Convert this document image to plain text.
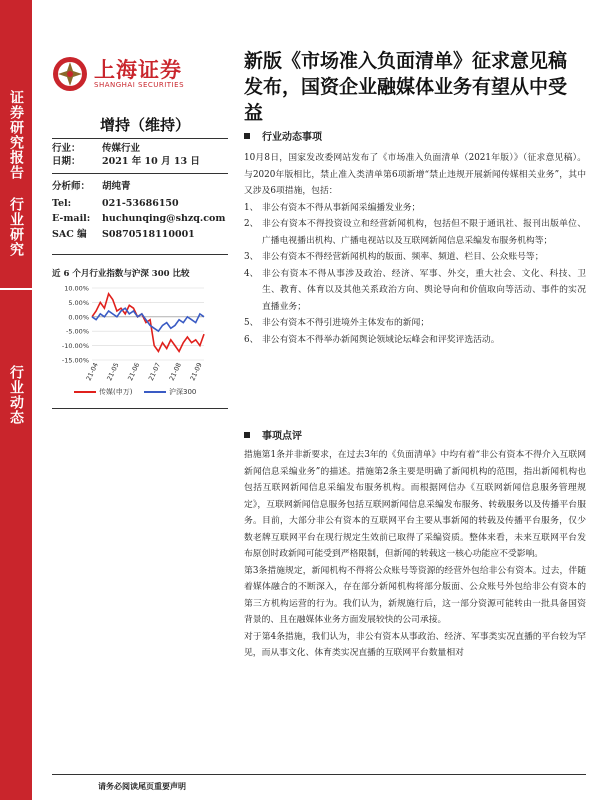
证券研究报告 行业研究
行业动态
上海证券
SHANGHAI SECURITIES
新版《市场准入负面清单》征求意见稿发布，国资企业融媒体业务有望从中受益
增持（维持）
行业：	传媒行业
日期：	2021 年 10 月 13 日
分析师：	胡纯青
Tel:	021-53686150
E-mail:	huchunqing@shzq.com
SAC 编	S0870518110001
近 6 个月行业指数与沪深 300 比较
10.00%
5.00%
0.00%
-5.00%
-10.00%
-15.00%
21-04 21-05 21-06 21-07 21-08 21-09
传媒(申万)	沪深300
行业动态事项

10月8日，国家发改委网站发布了《市场准入负面清单（2021年版）》（征求意见稿）。与2020年版相比，禁止准入类清单第6项新增“禁止违规开展新闻传媒相关业务”，其中又涉及6项措施，包括：

1、 非公有资本不得从事新闻采编播发业务；
2、 非公有资本不得投资设立和经营新闻机构，包括但不限于通讯社、报刊出版单位、广播电视播出机构、广播电视站以及互联网新闻信息采编发布服务机构等；
3、 非公有资本不得经营新闻机构的版面、频率、频道、栏目、公众账号等；
4、 非公有资本不得从事涉及政治、经济、军事、外交，重大社会、文化、科技、卫生、教育、体育以及其他关系政治方向、舆论导向和价值取向等活动、事件的实况直播业务；
5、 非公有资本不得引进境外主体发布的新闻；
6、 非公有资本不得举办新闻舆论领域论坛峰会和评奖评选活动。
事项点评

措施第1条并非新要求，在过去3年的《负面清单》中均有着“非公有资本不得介入互联网新闻信息采编业务”的描述。措施第2条主要是明确了新闻机构的范围，指出新闻机构也包括互联网新闻信息采编发布服务机构。而根据网信办《互联网新闻信息服务管理规定》，互联网新闻信息服务包括互联网新闻信息采编发布服务、转载服务以及传播平台服务。目前，大部分非公有资本的互联网平台主要从事新闻的转载及传播平台服务，仅少数老牌互联网平台在现行规定生效前已取得了采编资质。整体来看，未来互联网平台发布原创时政新闻可能受到严格限制，但新闻的转载这一核心功能应不受影响。

第3条措施规定，新闻机构不得将公众账号等资源的经营外包给非公有资本。过去，伴随着媒体融合的不断深入，存在部分新闻机构将部分版面、公众账号外包给非公有资本的第三方机构运营的行为。我们认为，新规施行后，这一部分资源可能转由一批具备国资背景的、且在融媒体业务方面发展较快的公司承接。

对于第4条措施，我们认为，非公有资本从事政治、经济、军事类实况直播的平台较为罕见，而从事文化、体育类实况直播的互联网平台数量相对

请务必阅读尾页重要声明
